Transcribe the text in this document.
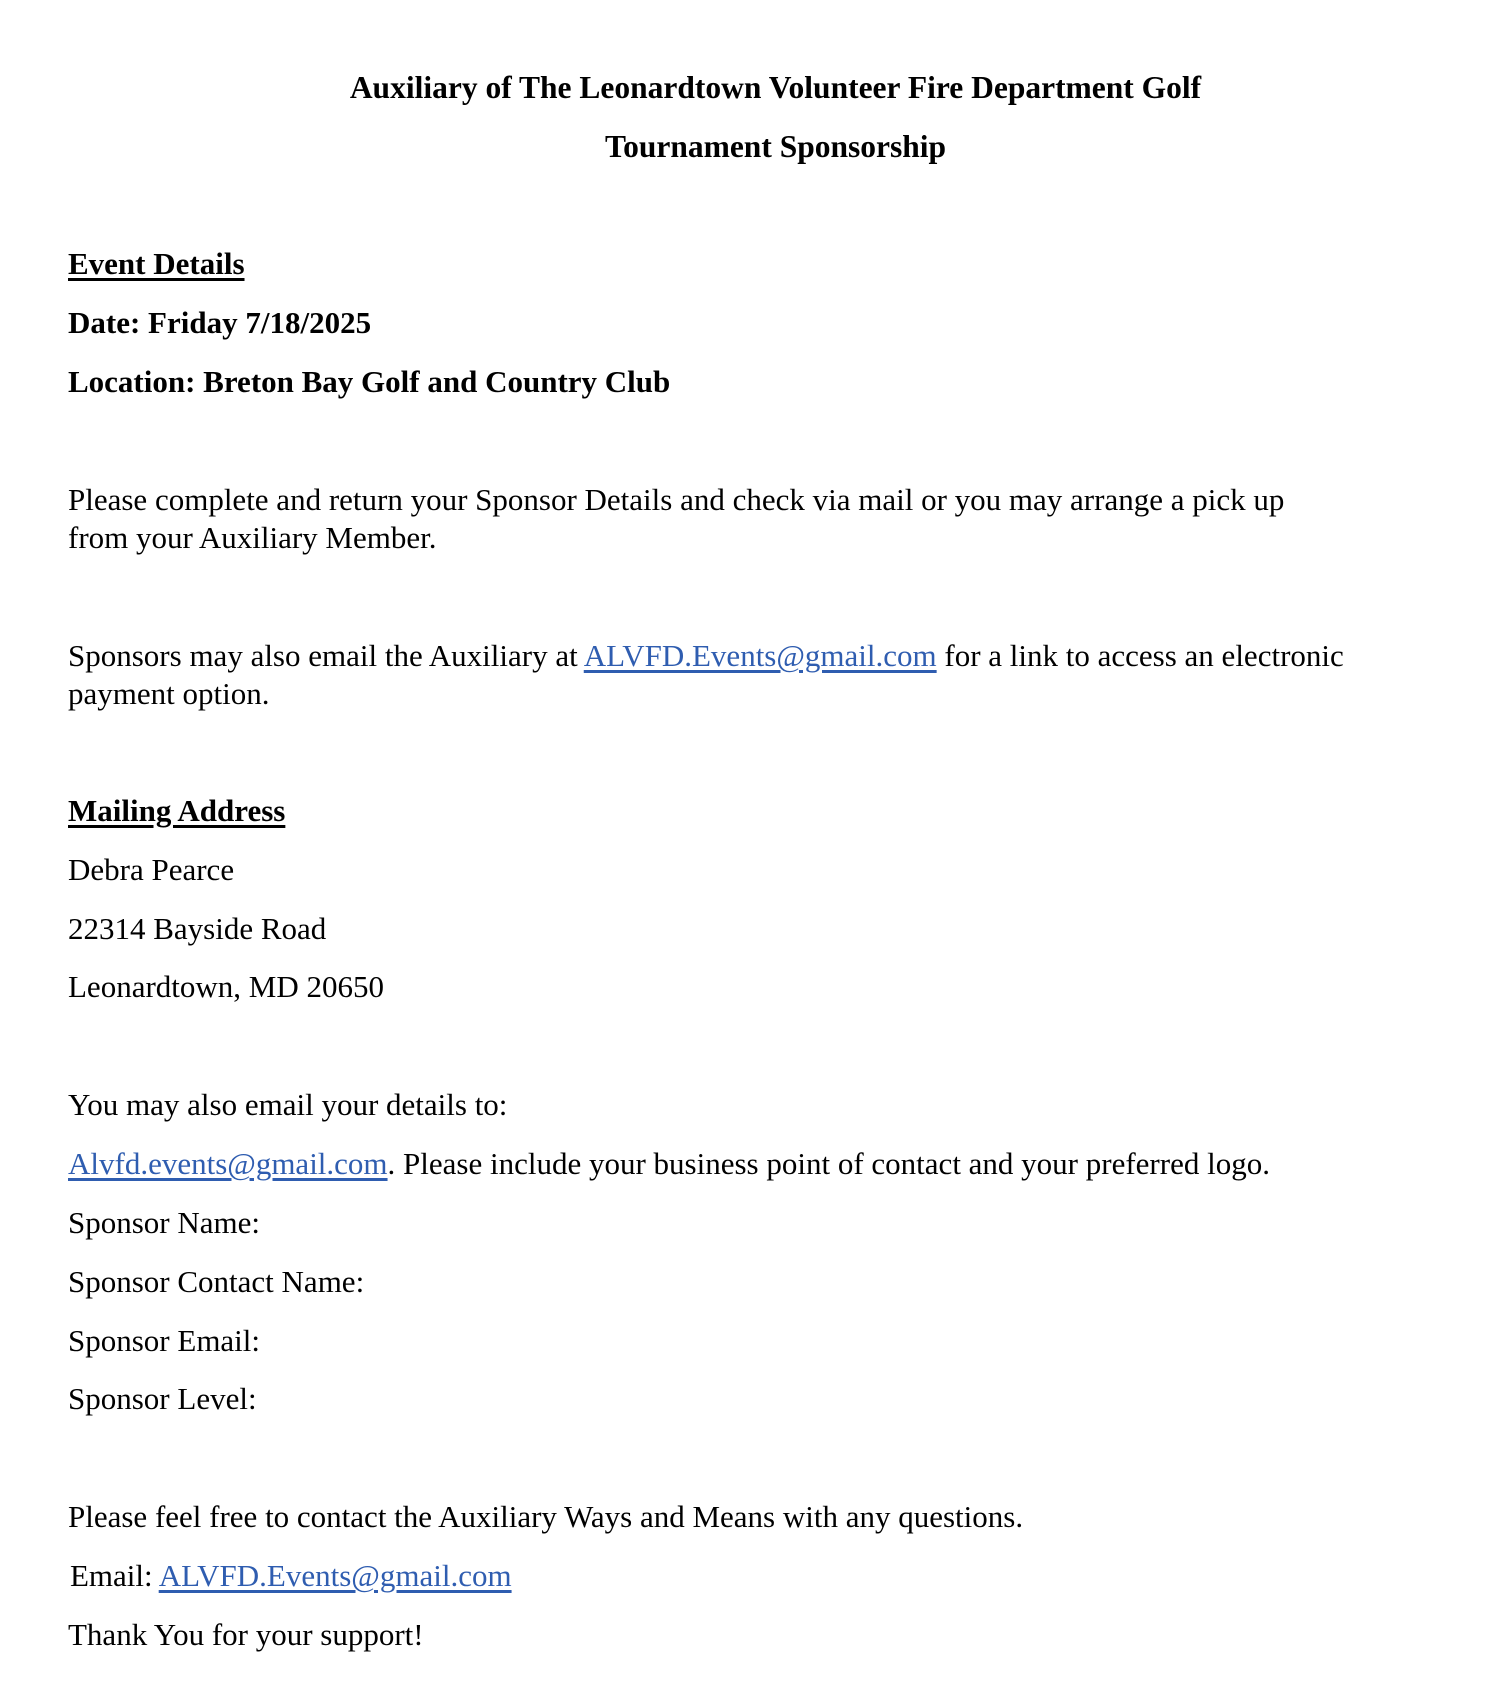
Auxiliary of The Leonardtown Volunteer Fire Department Golf
Tournament Sponsorship
Event Details
Date: Friday 7/18/2025
Location: Breton Bay Golf and Country Club
Please complete and return your Sponsor Details and check via mail or you may arrange a pick up
from your Auxiliary Member.
Sponsors may also email the Auxiliary at ALVFD.Events@gmail.com for a link to access an electronic
payment option.
Mailing Address
Debra Pearce
22314 Bayside Road
Leonardtown, MD 20650
You may also email your details to:
Alvfd.events@gmail.com. Please include your business point of contact and your preferred logo.
Sponsor Name:
Sponsor Contact Name:
Sponsor Email:
Sponsor Level:
Please feel free to contact the Auxiliary Ways and Means with any questions.
Email: ALVFD.Events@gmail.com
Thank You for your support!
